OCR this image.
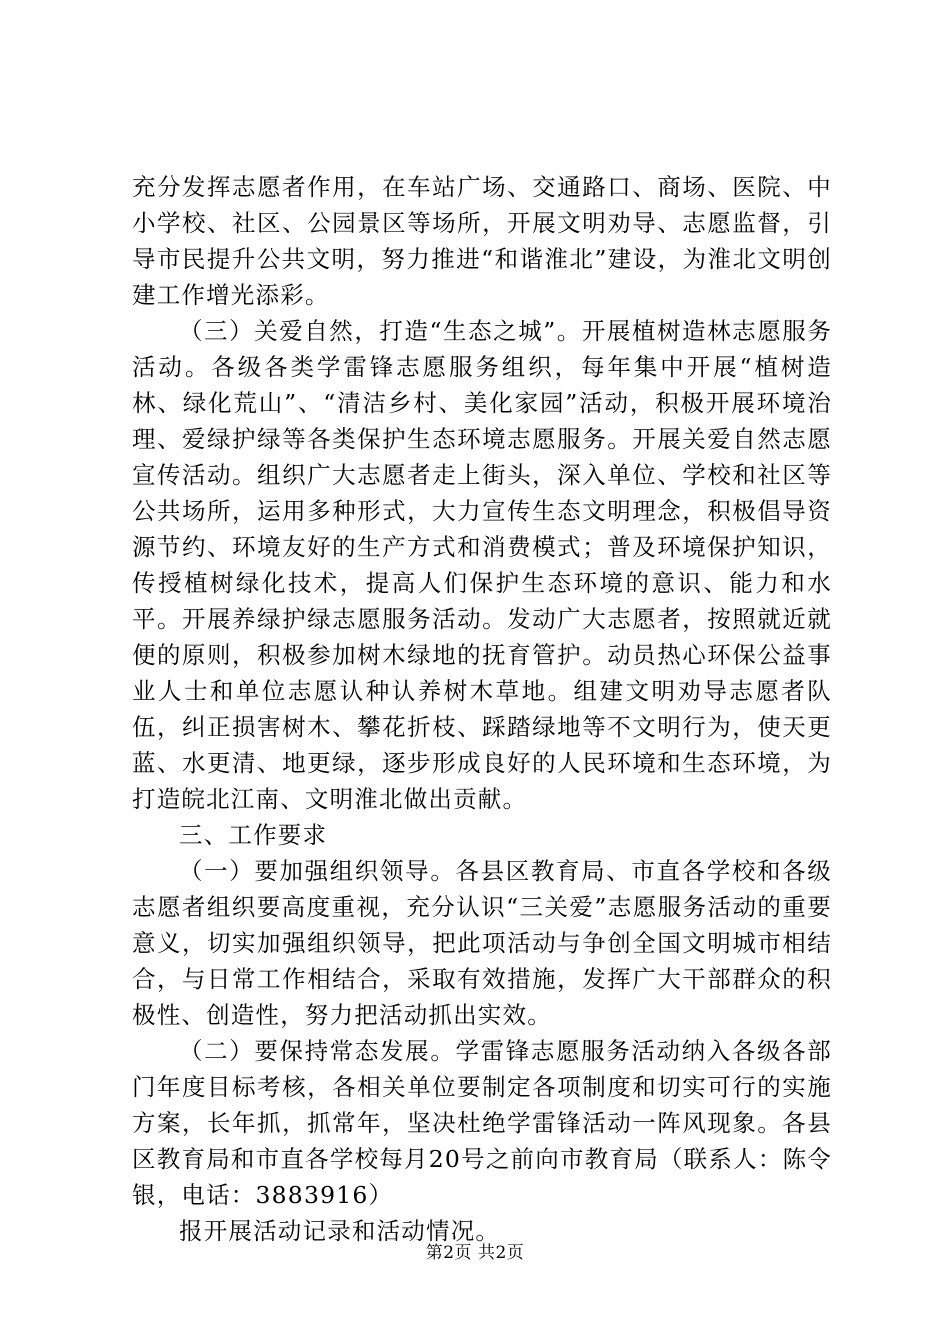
充分发挥志愿者作用，在车站广场、交通路口、商场、医院、中小学校、社区、公园景区等场所，开展文明劝导、志愿监督，引导市民提升公共文明，努力推进“和谐淮北”建设，为淮北文明创建工作增光添彩。

（三）关爱自然，打造“生态之城”。开展植树造林志愿服务活动。各级各类学雷锋志愿服务组织，每年集中开展“植树造林、绿化荒山”、“清洁乡村、美化家园”活动，积极开展环境治理、爱绿护绿等各类保护生态环境志愿服务。开展关爱自然志愿宣传活动。组织广大志愿者走上街头，深入单位、学校和社区等公共场所，运用多种形式，大力宣传生态文明理念，积极倡导资源节约、环境友好的生产方式和消费模式；普及环境保护知识，传授植树绿化技术，提高人们保护生态环境的意识、能力和水平。开展养绿护绿志愿服务活动。发动广大志愿者，按照就近就便的原则，积极参加树木绿地的抚育管护。动员热心环保公益事业人士和单位志愿认种认养树木草地。组建文明劝导志愿者队伍，纠正损害树木、攀花折枝、踩踏绿地等不文明行为，使天更蓝、水更清、地更绿，逐步形成良好的人民环境和生态环境，为打造皖北江南、文明淮北做出贡献。

三、工作要求

（一）要加强组织领导。各县区教育局、市直各学校和各级志愿者组织要高度重视，充分认识“三关爱”志愿服务活动的重要意义，切实加强组织领导，把此项活动与争创全国文明城市相结合，与日常工作相结合，采取有效措施，发挥广大干部群众的积极性、创造性，努力把活动抓出实效。

（二）要保持常态发展。学雷锋志愿服务活动纳入各级各部门年度目标考核，各相关单位要制定各项制度和切实可行的实施方案，长年抓，抓常年，坚决杜绝学雷锋活动一阵风现象。各县区教育局和市直各学校每月20号之前向市教育局（联系人：陈令银，电话：3883916）

报开展活动记录和活动情况。

第2页 共2页
